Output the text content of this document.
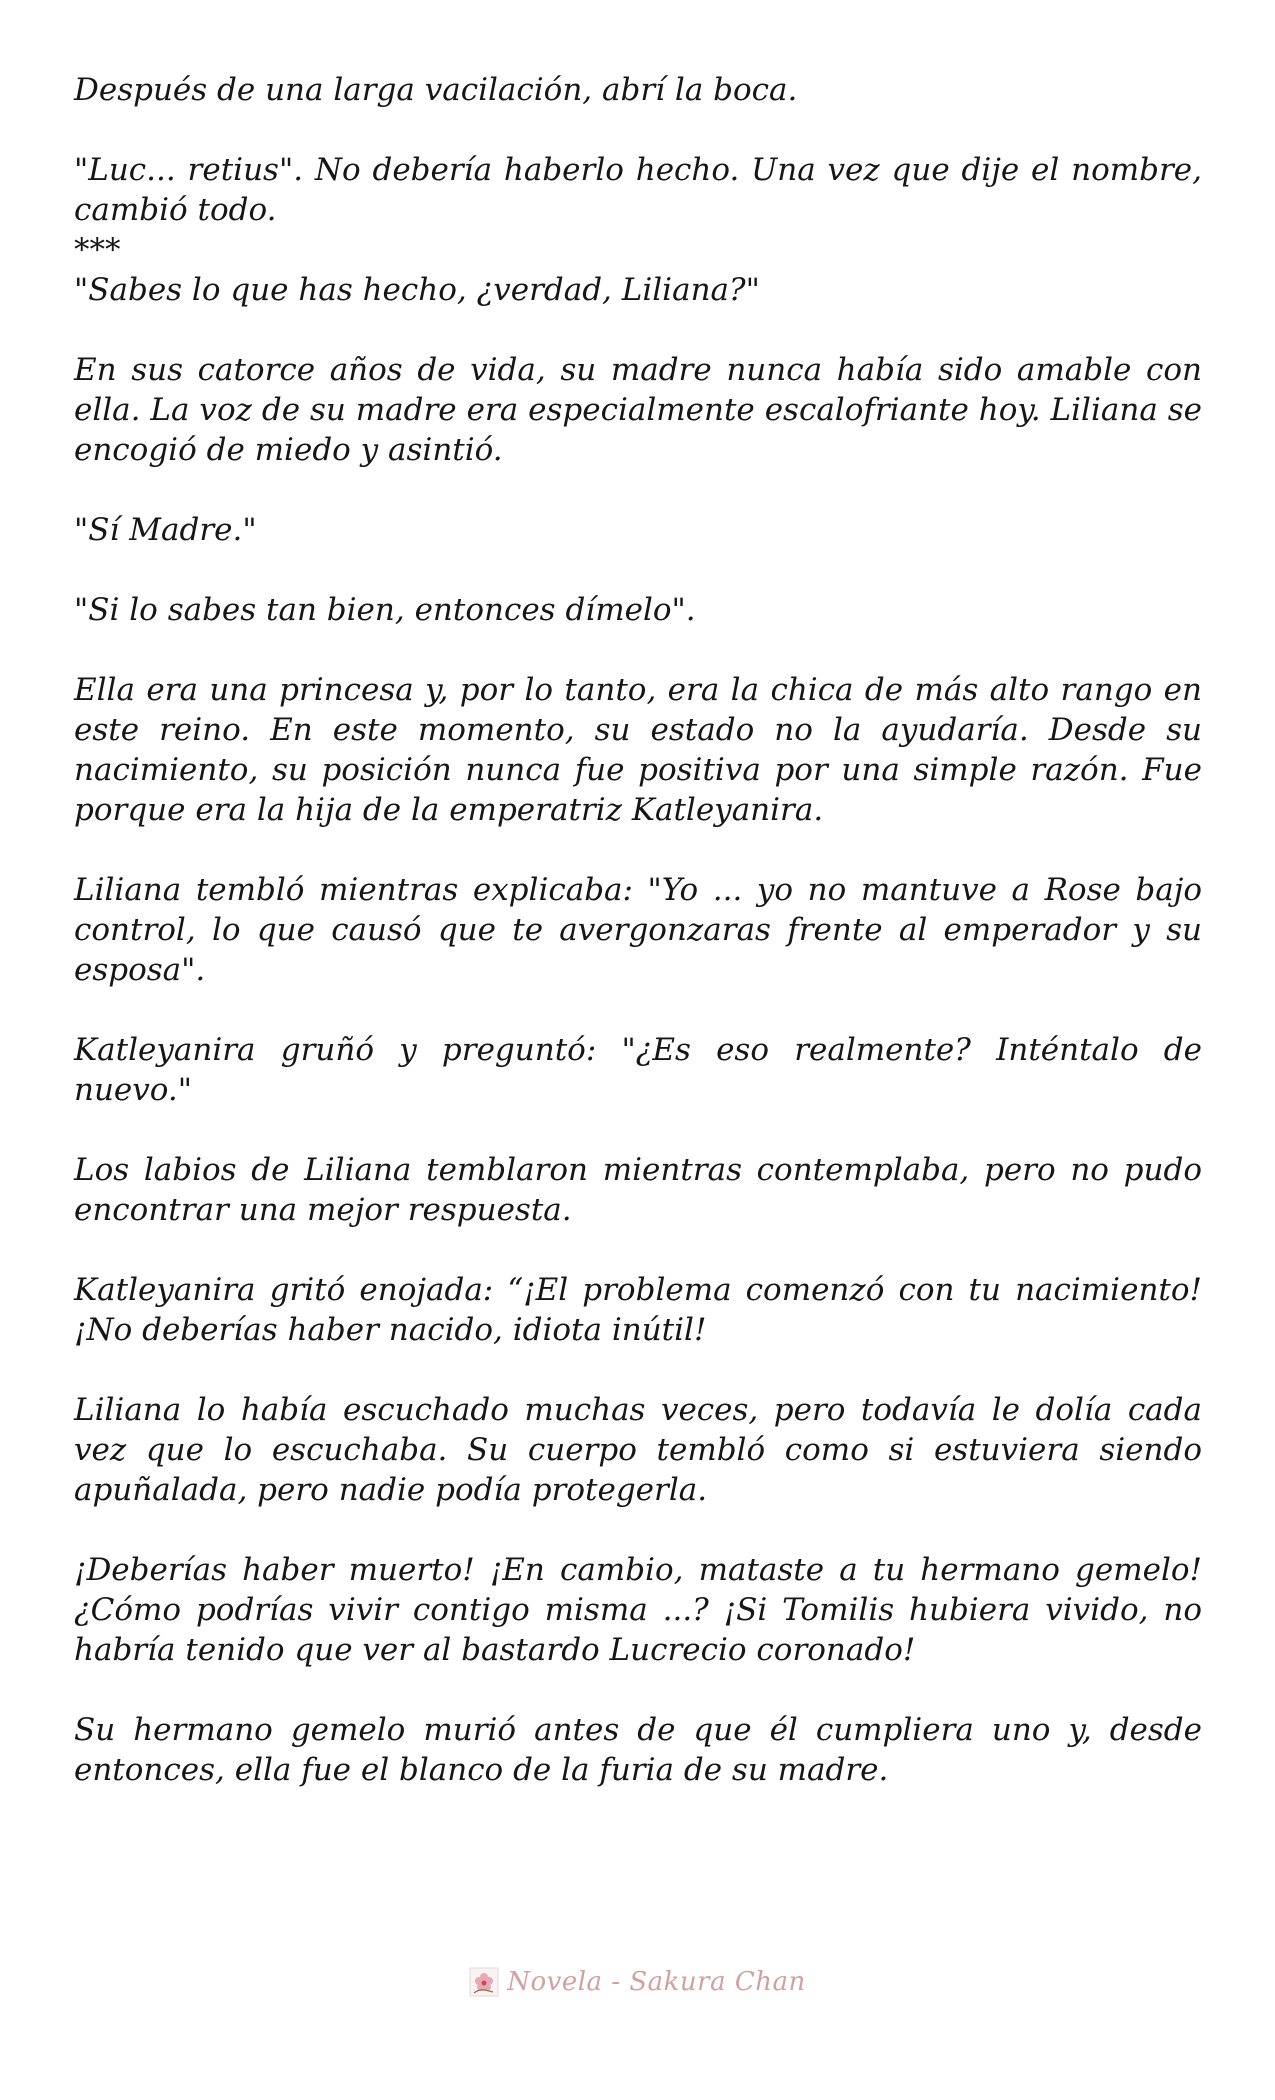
Después de una larga vacilación, abrí la boca.

"Luc... retius". No debería haberlo hecho. Una vez que dije el nombre, cambió todo.

***

"Sabes lo que has hecho, ¿verdad, Liliana?"

En sus catorce años de vida, su madre nunca había sido amable con ella. La voz de su madre era especialmente escalofriante hoy. Liliana se encogió de miedo y asintió.

"Sí Madre."

"Si lo sabes tan bien, entonces dímelo".

Ella era una princesa y, por lo tanto, era la chica de más alto rango en este reino. En este momento, su estado no la ayudaría. Desde su nacimiento, su posición nunca fue positiva por una simple razón. Fue porque era la hija de la emperatriz Katleyanira.

Liliana tembló mientras explicaba: "Yo ... yo no mantuve a Rose bajo control, lo que causó que te avergonzaras frente al emperador y su esposa".

Katleyanira gruñó y preguntó: "¿Es eso realmente? Inténtalo de nuevo."

Los labios de Liliana temblaron mientras contemplaba, pero no pudo encontrar una mejor respuesta.

Katleyanira gritó enojada: “¡El problema comenzó con tu nacimiento! ¡No deberías haber nacido, idiota inútil!

Liliana lo había escuchado muchas veces, pero todavía le dolía cada vez que lo escuchaba. Su cuerpo tembló como si estuviera siendo apuñalada, pero nadie podía protegerla.

¡Deberías haber muerto! ¡En cambio, mataste a tu hermano gemelo! ¿Cómo podrías vivir contigo misma ...? ¡Si Tomilis hubiera vivido, no habría tenido que ver al bastardo Lucrecio coronado!

Su hermano gemelo murió antes de que él cumpliera uno y, desde entonces, ella fue el blanco de la furia de su madre.

Novela - Sakura Chan
